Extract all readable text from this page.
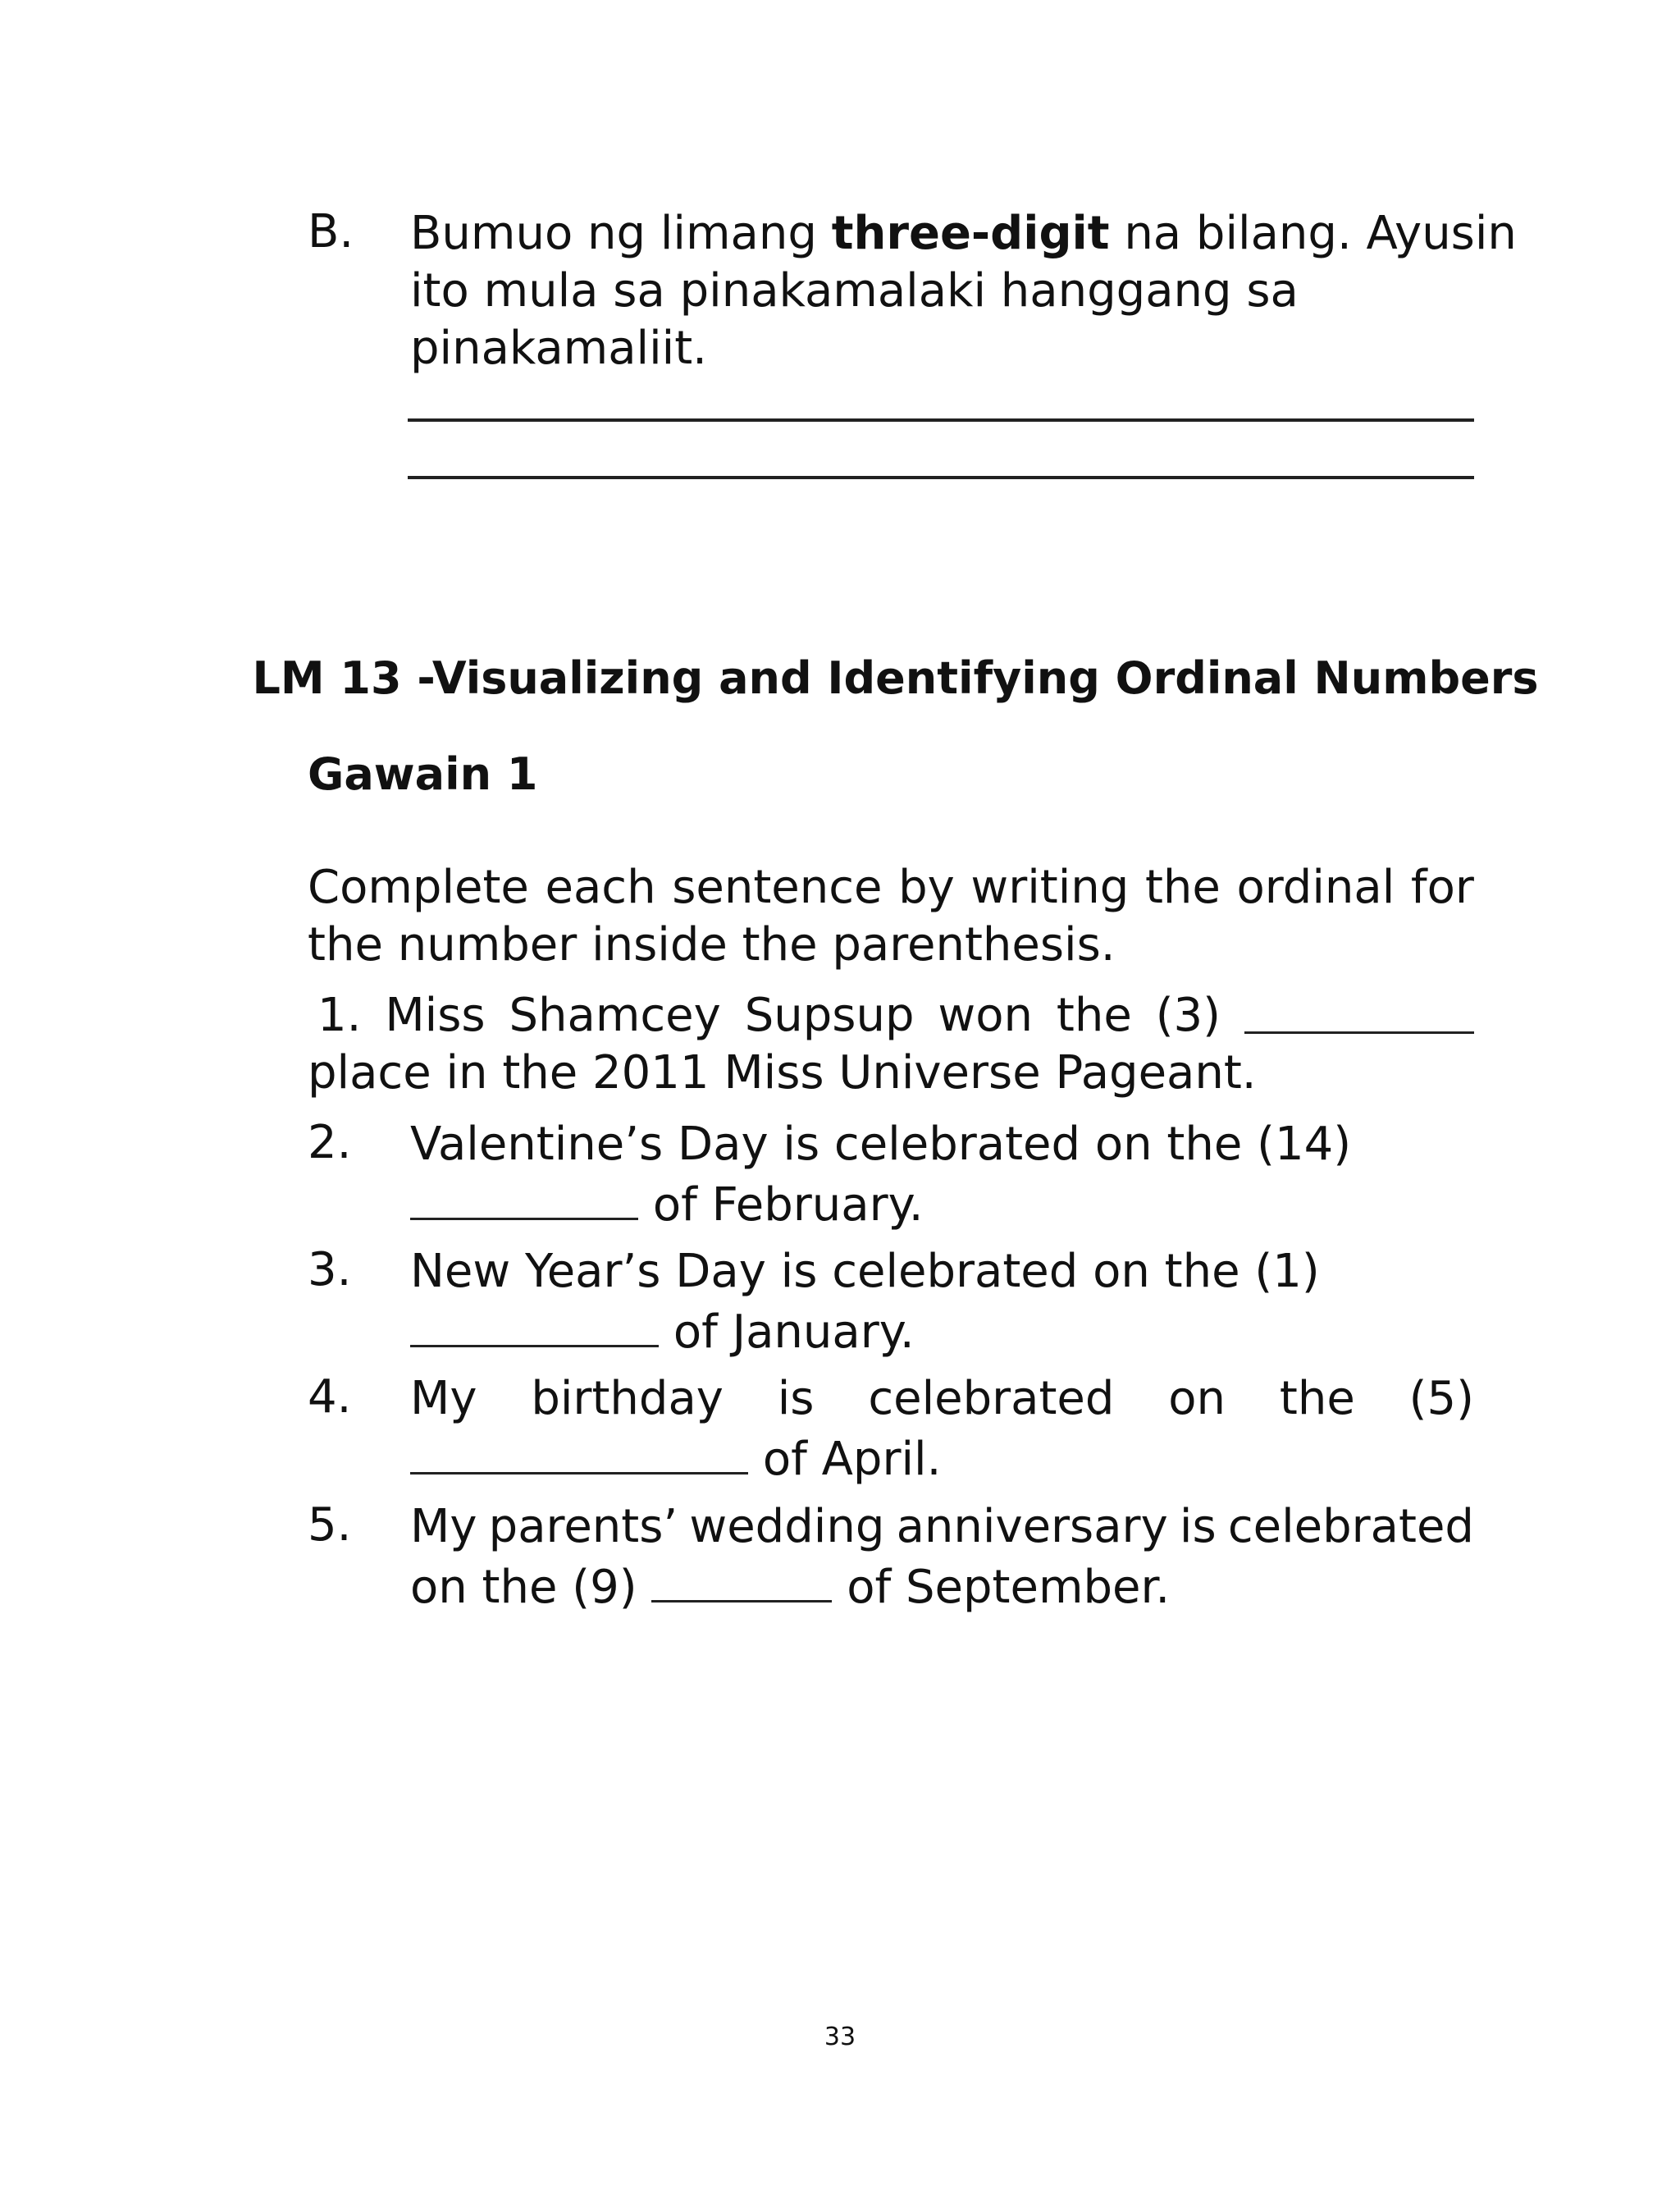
B. Bumuo ng limang three-digit na bilang. Ayusin
ito mula sa pinakamalaki hanggang sa
pinakamaliit.
LM 13 -Visualizing and Identifying Ordinal Numbers
Gawain 1
Complete each sentence by writing the ordinal for
the number inside the parenthesis.
1. Miss Shamcey Supsup won the (3)
place in the 2011 Miss Universe Pageant.
2. Valentine’s Day is celebrated on the (14)
of February.
3. New Year’s Day is celebrated on the (1)
of January.
4. My birthday is celebrated on the (5)
of April.
5. My parents’ wedding anniversary is celebrated
on the (9)	of September.
33
